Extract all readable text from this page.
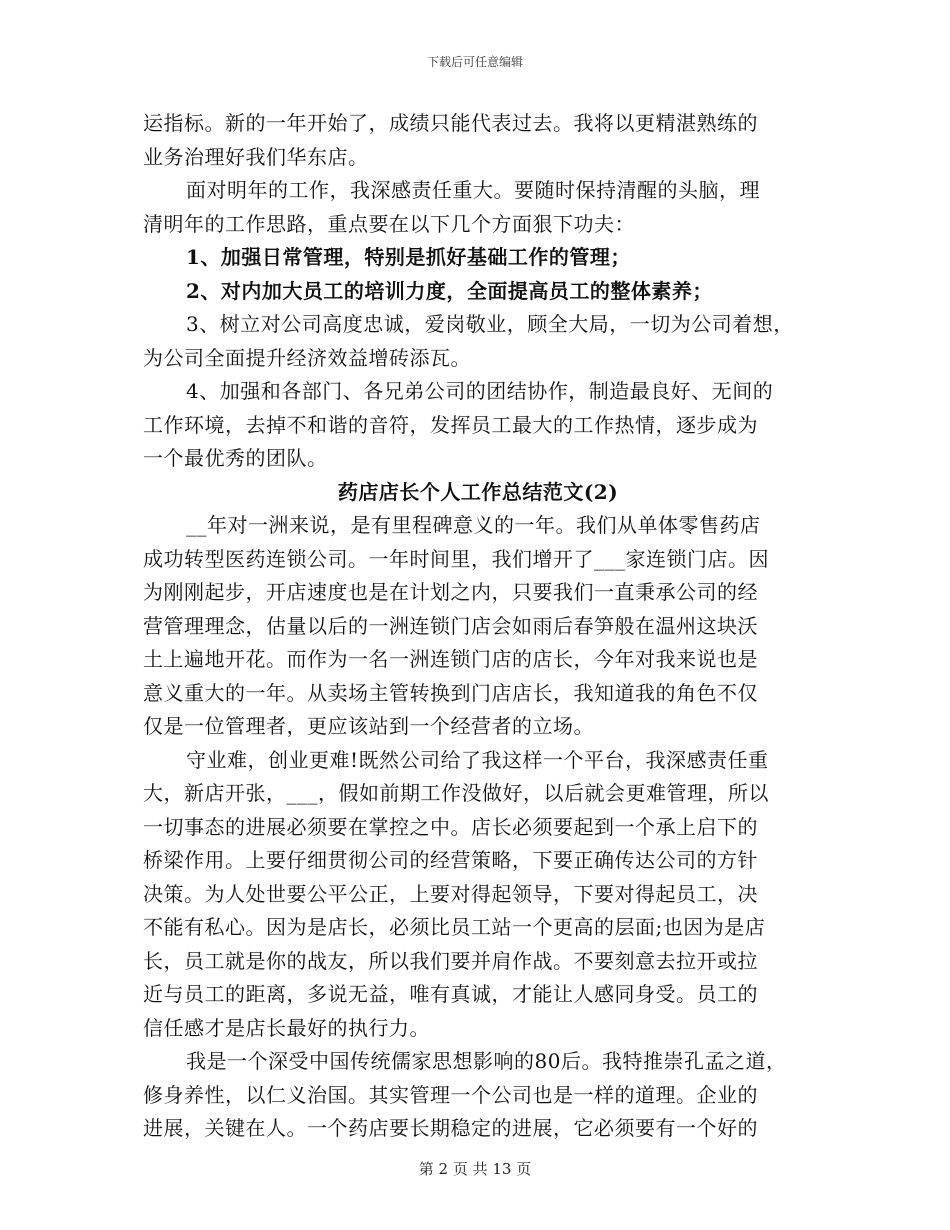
下载后可任意编辑
运指标。新的一年开始了，成绩只能代表过去。我将以更精湛熟练的
业务治理好我们华东店。
面对明年的工作，我深感责任重大。要随时保持清醒的头脑，理
清明年的工作思路，重点要在以下几个方面狠下功夫：
1、加强日常管理，特别是抓好基础工作的管理；
2、对内加大员工的培训力度，全面提高员工的整体素养；
3、树立对公司高度忠诚，爱岗敬业，顾全大局，一切为公司着想，
为公司全面提升经济效益增砖添瓦。
4、加强和各部门、各兄弟公司的团结协作，制造最良好、无间的
工作环境，去掉不和谐的音符，发挥员工最大的工作热情，逐步成为
一个最优秀的团队。
药店店长个人工作总结范文(2)
__年对一洲来说，是有里程碑意义的一年。我们从单体零售药店
成功转型医药连锁公司。一年时间里，我们增开了___家连锁门店。因
为刚刚起步，开店速度也是在计划之内，只要我们一直秉承公司的经
营管理理念，估量以后的一洲连锁门店会如雨后春笋般在温州这块沃
土上遍地开花。而作为一名一洲连锁门店的店长，今年对我来说也是
意义重大的一年。从卖场主管转换到门店店长，我知道我的角色不仅
仅是一位管理者，更应该站到一个经营者的立场。
守业难，创业更难!既然公司给了我这样一个平台，我深感责任重
大，新店开张，___，假如前期工作没做好，以后就会更难管理，所以
一切事态的进展必须要在掌控之中。店长必须要起到一个承上启下的
桥梁作用。上要仔细贯彻公司的经营策略，下要正确传达公司的方针
决策。为人处世要公平公正，上要对得起领导，下要对得起员工，决
不能有私心。因为是店长，必须比员工站一个更高的层面;也因为是店
长，员工就是你的战友，所以我们要并肩作战。不要刻意去拉开或拉
近与员工的距离，多说无益，唯有真诚，才能让人感同身受。员工的
信任感才是店长最好的执行力。
我是一个深受中国传统儒家思想影响的80后。我特推崇孔孟之道，
修身养性，以仁义治国。其实管理一个公司也是一样的道理。企业的
进展，关键在人。一个药店要长期稳定的进展，它必须要有一个好的
第 2 页 共 13 页
